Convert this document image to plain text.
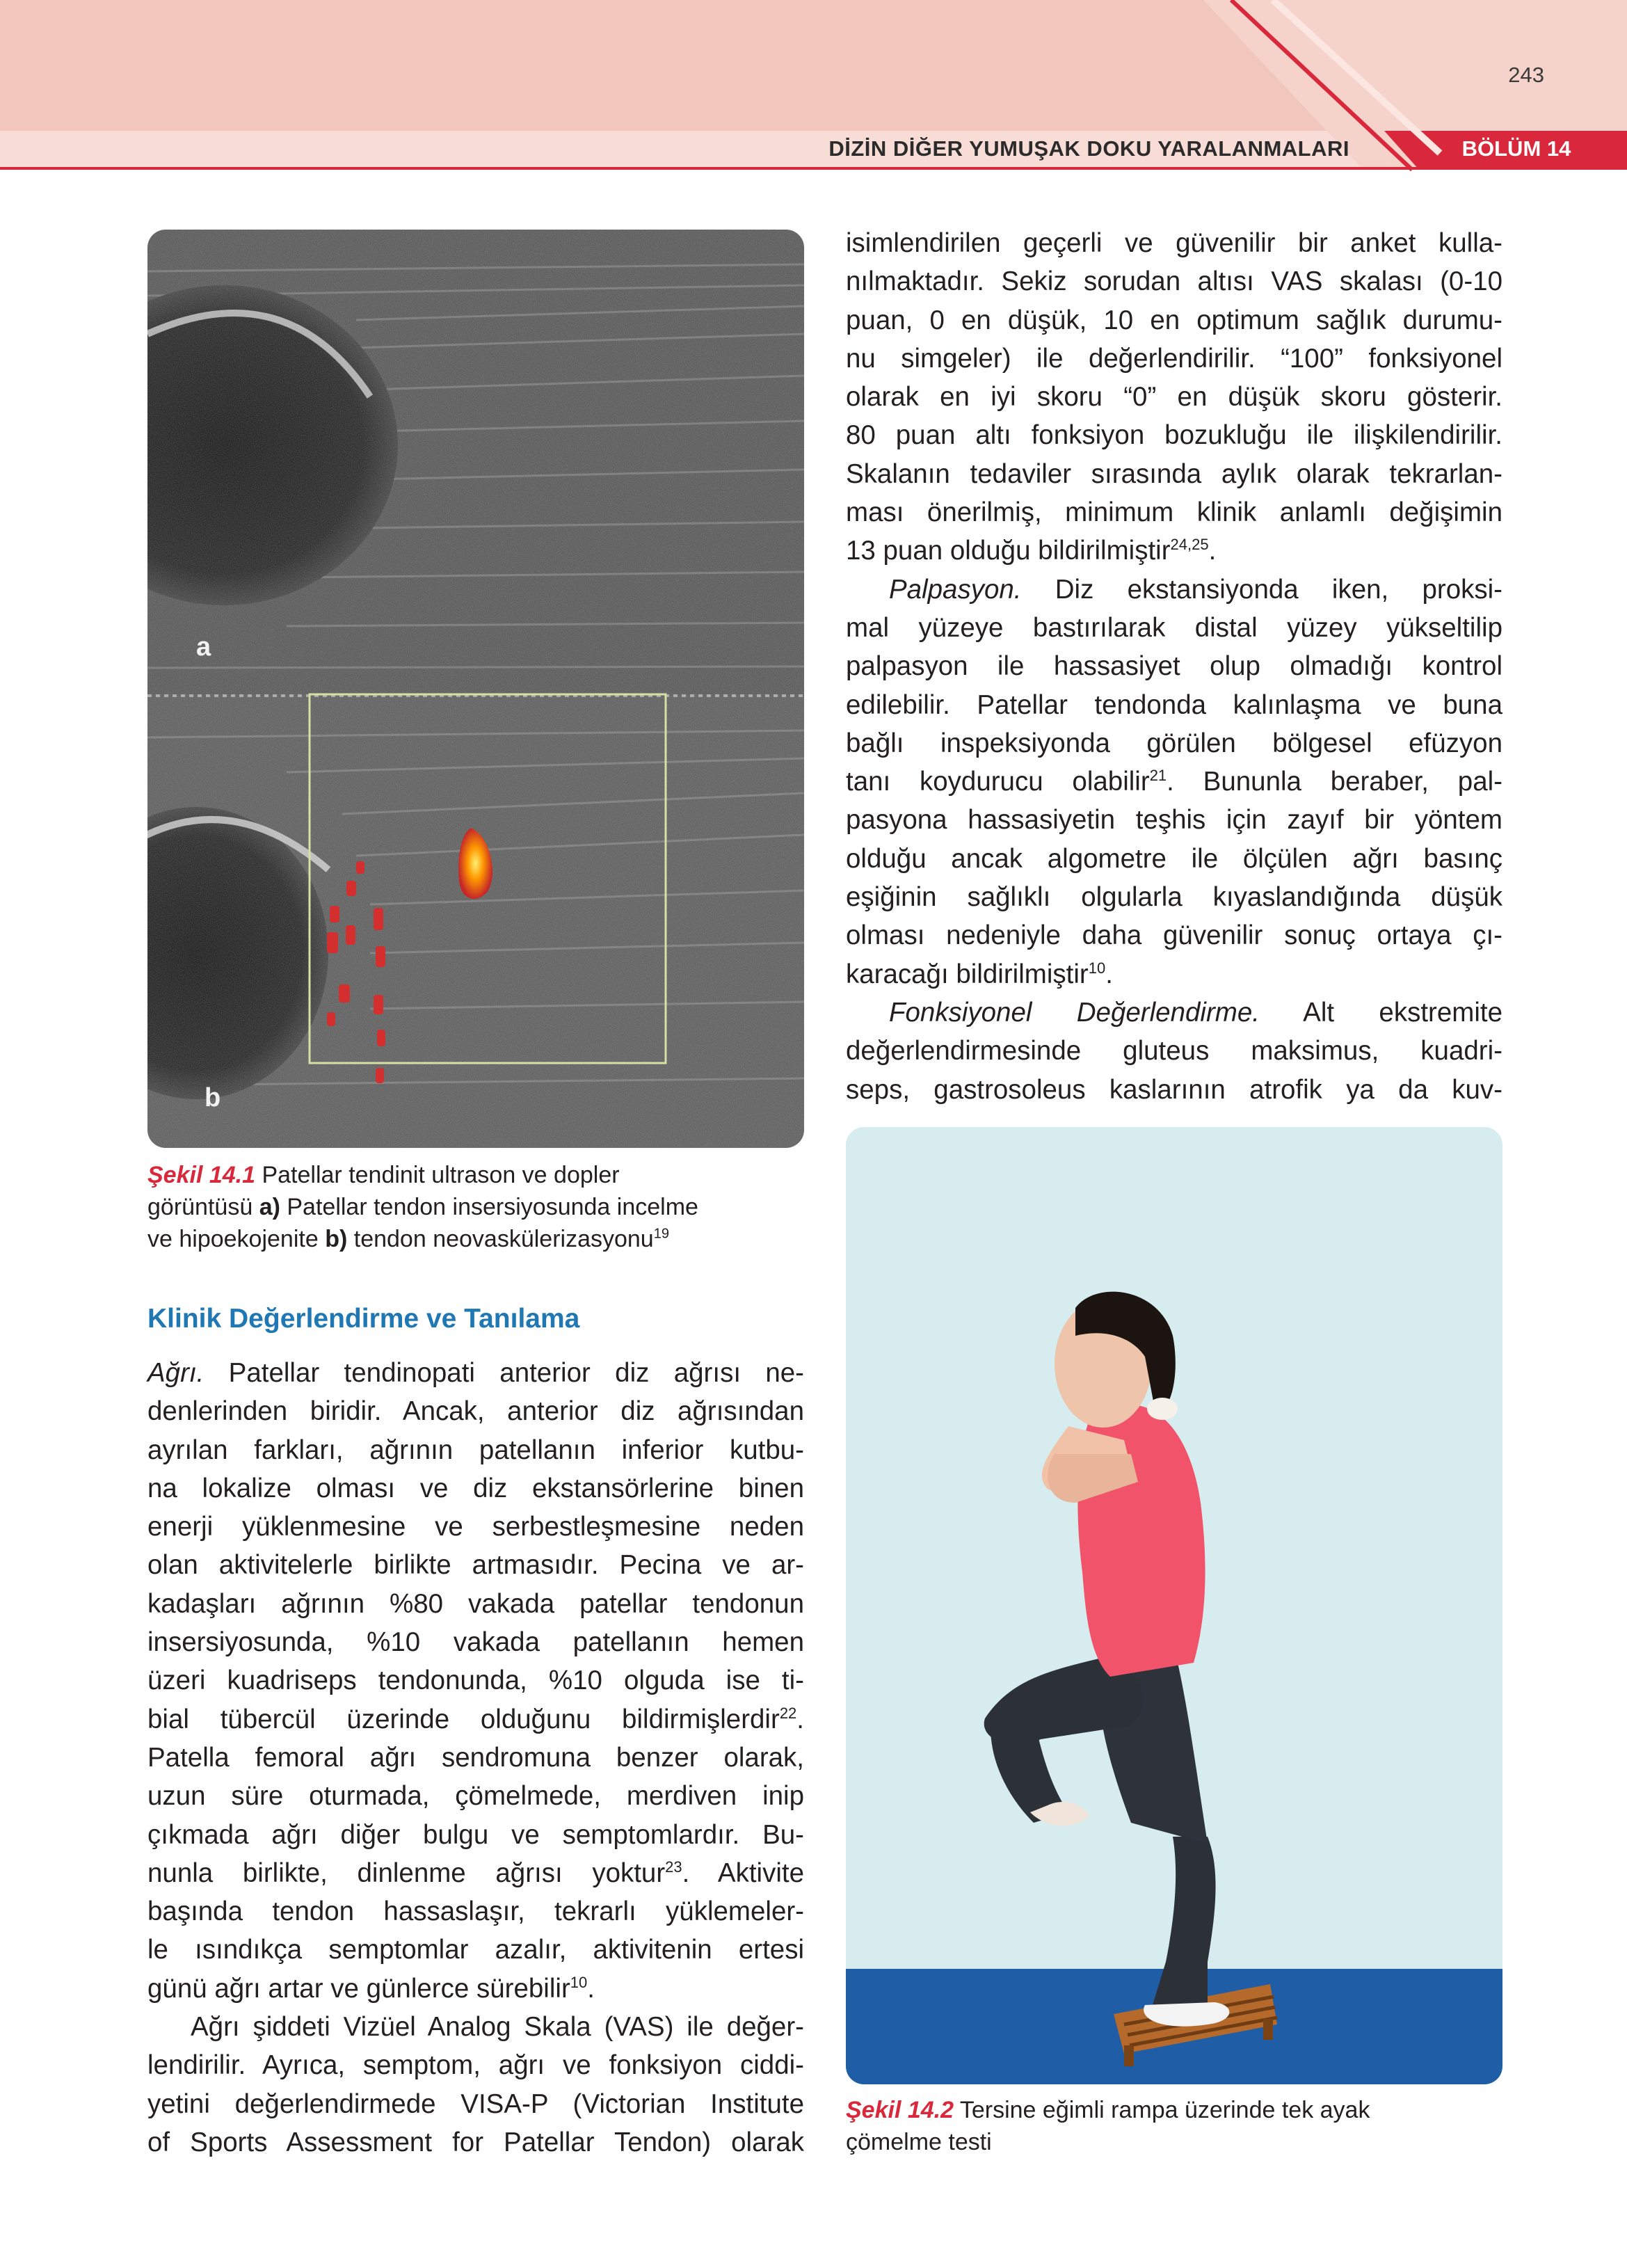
243
DİZİN DİĞER YUMUŞAK DOKU YARALANMALARI	BÖLÜM 14
a
b
Şekil 14.1 Patellar tendinit ultrason ve dopler
görüntüsü a) Patellar tendon insersiyosunda incelme
ve hipoekojenite b) tendon neovaskülerizasyonu$^{19}$
Klinik Değerlendirme ve Tanılama
Ağrı. Patellar tendinopati anterior diz ağrısı ne-
denlerinden biridir. Ancak, anterior diz ağrısından
ayrılan farkları, ağrının patellanın inferior kutbu-
na lokalize olması ve diz ekstansörlerine binen
enerji yüklenmesine ve serbestleşmesine neden
olan aktivitelerle birlikte artmasıdır. Pecina ve ar-
kadaşları ağrının %80 vakada patellar tendonun
insersiyosunda, %10 vakada patellanın hemen
üzeri kuadriseps tendonunda, %10 olguda ise ti-
bial tübercül üzerinde olduğunu bildirmişlerdir$^{22}$.
Patella femoral ağrı sendromuna benzer olarak,
uzun süre oturmada, çömelmede, merdiven inip
çıkmada ağrı diğer bulgu ve semptomlardır. Bu-
nunla birlikte, dinlenme ağrısı yoktur$^{23}$. Aktivite
başında tendon hassaslaşır, tekrarlı yüklemeler-
le ısındıkça semptomlar azalır, aktivitenin ertesi
günü ağrı artar ve günlerce sürebilir$^{10}$.
Ağrı şiddeti Vizüel Analog Skala (VAS) ile değer-
lendirilir. Ayrıca, semptom, ağrı ve fonksiyon ciddi-
yetini değerlendirmede VISA-P (Victorian Institute
of Sports Assessment for Patellar Tendon) olarak
isimlendirilen geçerli ve güvenilir bir anket kulla-
nılmaktadır. Sekiz sorudan altısı VAS skalası (0-10
puan, 0 en düşük, 10 en optimum sağlık durumu-
nu simgeler) ile değerlendirilir. “100” fonksiyonel
olarak en iyi skoru “0” en düşük skoru gösterir.
80 puan altı fonksiyon bozukluğu ile ilişkilendirilir.
Skalanın tedaviler sırasında aylık olarak tekrarlan-
ması önerilmiş, minimum klinik anlamlı değişimin
13 puan olduğu bildirilmiştir$^{24,25}$.
Palpasyon. Diz ekstansiyonda iken, proksi-
mal yüzeye bastırılarak distal yüzey yükseltilip
palpasyon ile hassasiyet olup olmadığı kontrol
edilebilir. Patellar tendonda kalınlaşma ve buna
bağlı inspeksiyonda görülen bölgesel efüzyon
tanı koydurucu olabilir$^{21}$. Bununla beraber, pal-
pasyona hassasiyetin teşhis için zayıf bir yöntem
olduğu ancak algometre ile ölçülen ağrı basınç
eşiğinin sağlıklı olgularla kıyaslandığında düşük
olması nedeniyle daha güvenilir sonuç ortaya çı-
karacağı bildirilmiştir$^{10}$.
Fonksiyonel Değerlendirme. Alt ekstremite
değerlendirmesinde gluteus maksimus, kuadri-
seps, gastrosoleus kaslarının atrofik ya da kuv-
Şekil 14.2 Tersine eğimli rampa üzerinde tek ayak
çömelme testi
